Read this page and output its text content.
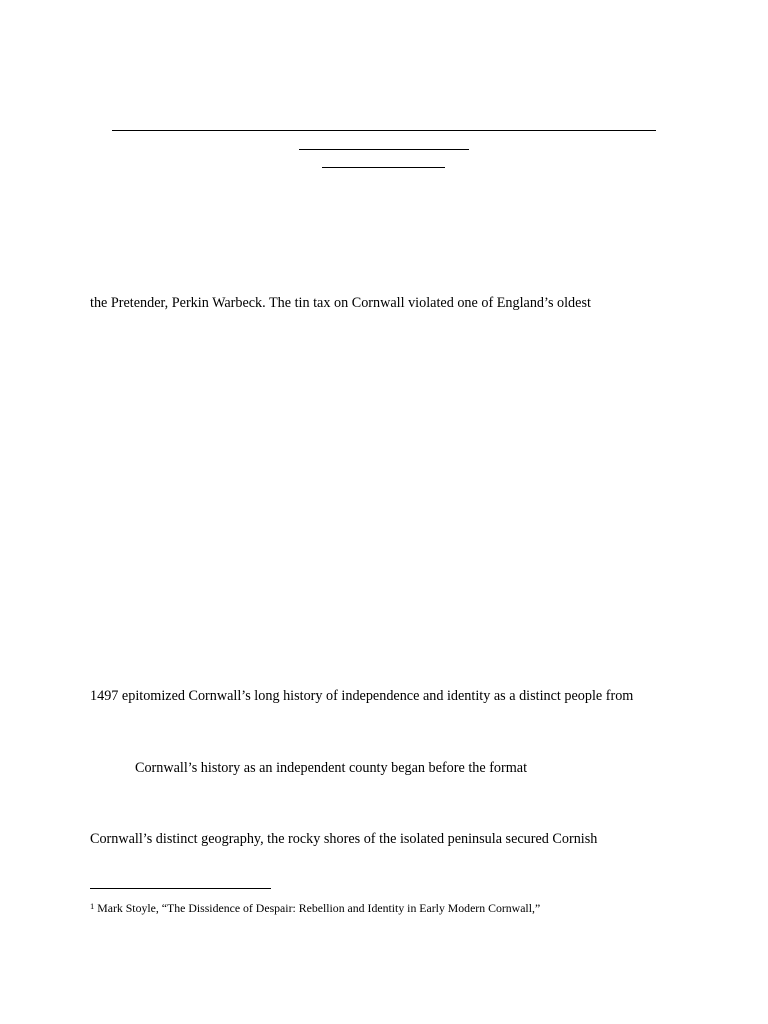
the Pretender, Perkin Warbeck. The tin tax on Cornwall violated one of England’s oldest
1497 epitomized Cornwall’s long history of independence and identity as a distinct people from
Cornwall’s history as an independent county began before the format
Cornwall’s distinct geography, the rocky shores of the isolated peninsula secured Cornish
$^1$ Mark Stoyle, “The Dissidence of Despair: Rebellion and Identity in Early Modern Cornwall,”
